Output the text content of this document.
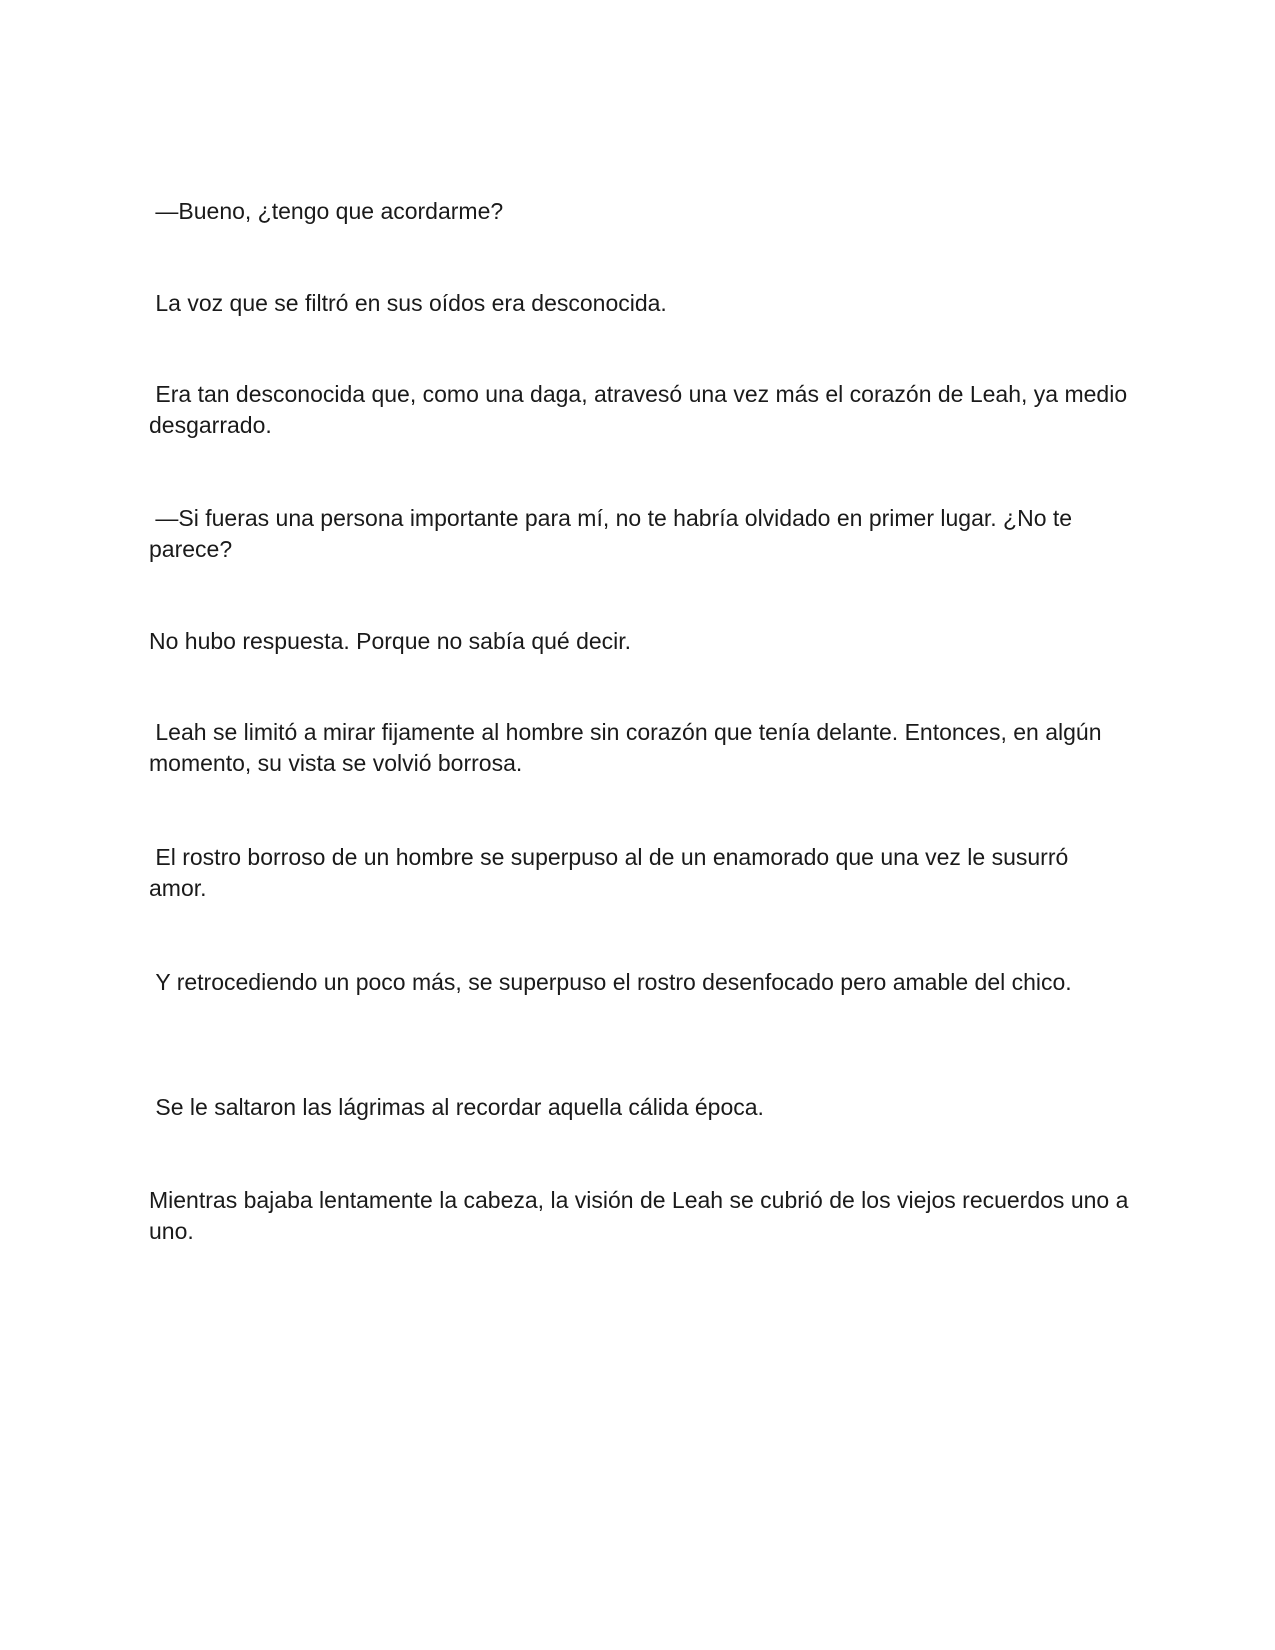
—Bueno, ¿tengo que acordarme?

La voz que se filtró en sus oídos era desconocida.

Era tan desconocida que, como una daga, atravesó una vez más el corazón de Leah, ya medio desgarrado.

—Si fueras una persona importante para mí, no te habría olvidado en primer lugar. ¿No te parece?

No hubo respuesta. Porque no sabía qué decir.

Leah se limitó a mirar fijamente al hombre sin corazón que tenía delante. Entonces, en algún momento, su vista se volvió borrosa.

El rostro borroso de un hombre se superpuso al de un enamorado que una vez le susurró amor.

Y retrocediendo un poco más, se superpuso el rostro desenfocado pero amable del chico.

Se le saltaron las lágrimas al recordar aquella cálida época.

Mientras bajaba lentamente la cabeza, la visión de Leah se cubrió de los viejos recuerdos uno a uno.
